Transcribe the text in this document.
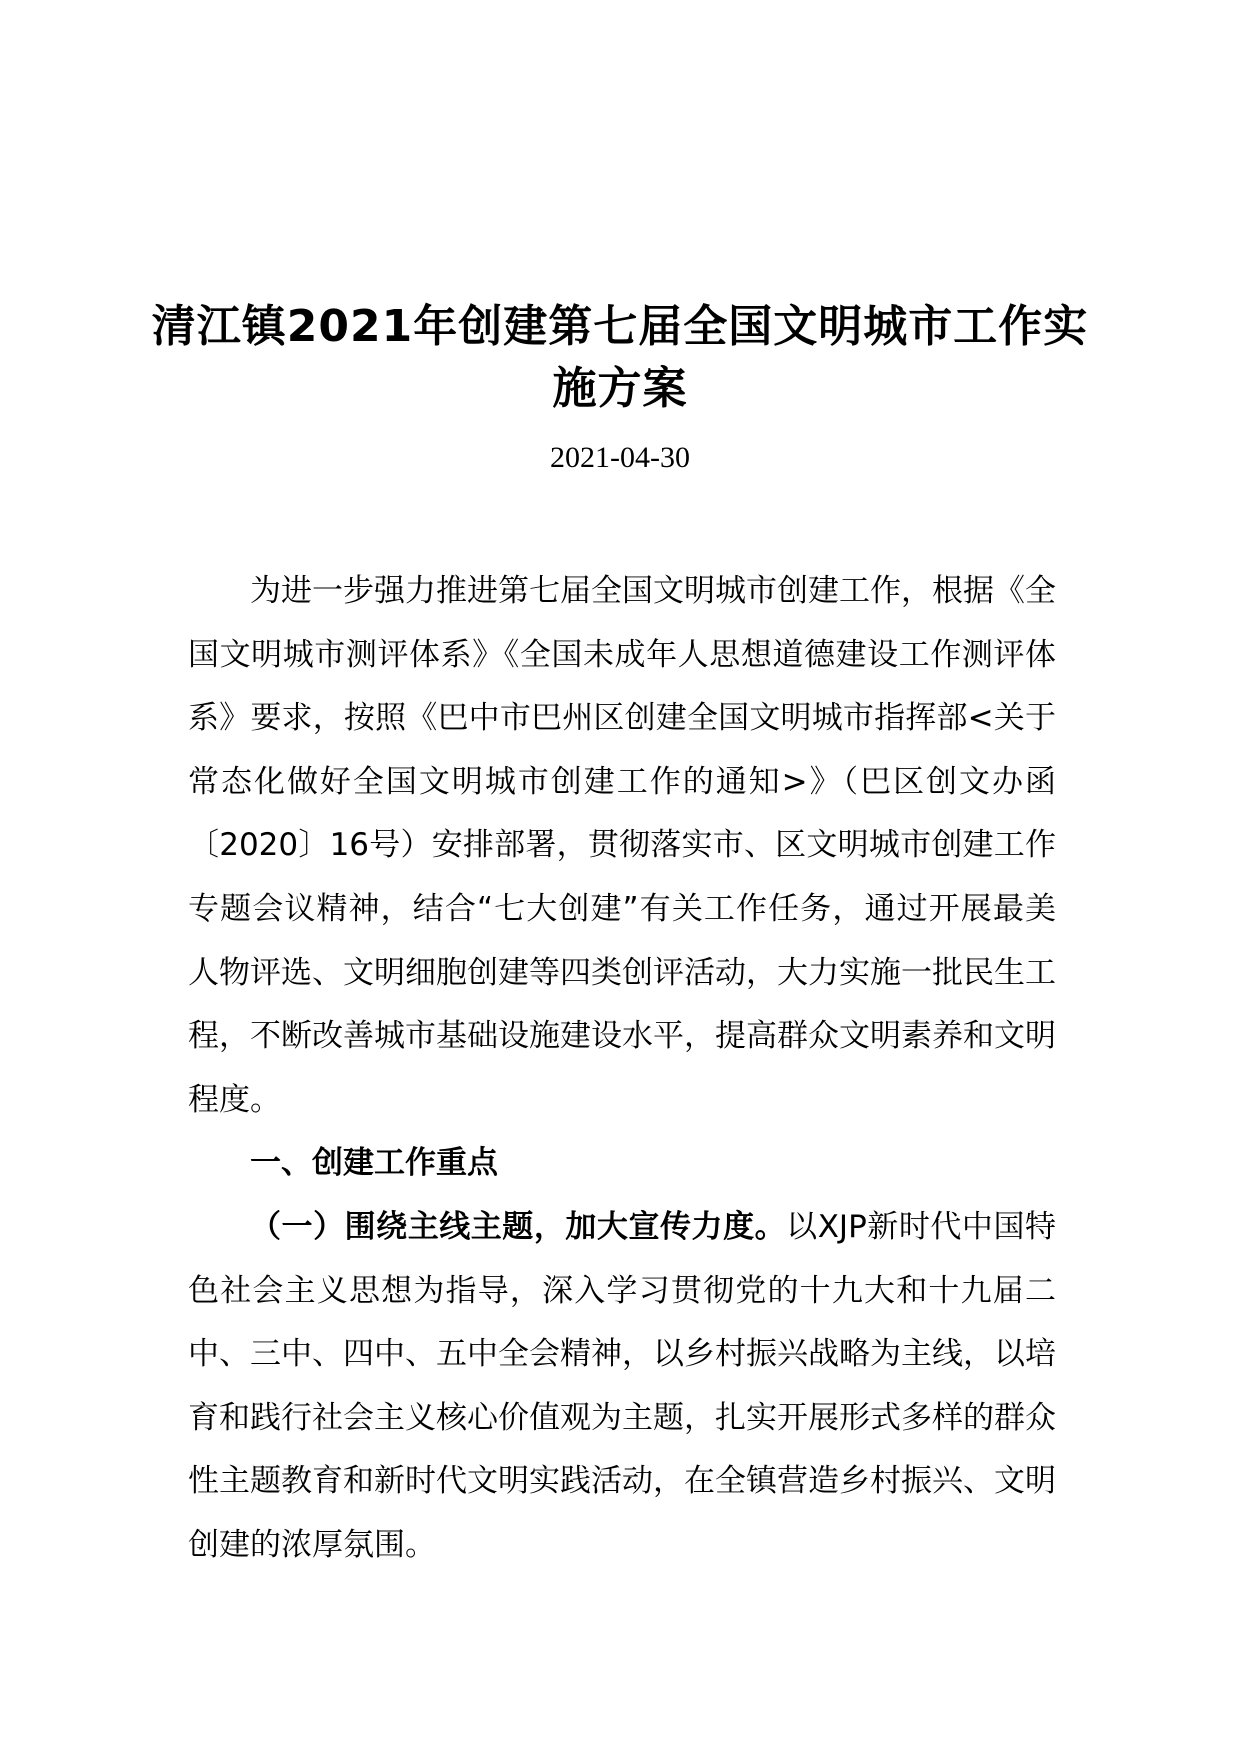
清江镇2021年创建第七届全国文明城市工作实施方案
2021-04-30

为进一步强力推进第七届全国文明城市创建工作，根据《全国文明城市测评体系》《全国未成年人思想道德建设工作测评体系》要求，按照《巴中市巴州区创建全国文明城市指挥部<关于常态化做好全国文明城市创建工作的通知>》（巴区创文办函〔2020〕16号）安排部署，贯彻落实市、区文明城市创建工作专题会议精神，结合“七大创建”有关工作任务，通过开展最美人物评选、文明细胞创建等四类创评活动，大力实施一批民生工程，不断改善城市基础设施建设水平，提高群众文明素养和文明程度。

一、创建工作重点

（一）围绕主线主题，加大宣传力度。以XJP新时代中国特色社会主义思想为指导，深入学习贯彻党的十九大和十九届二中、三中、四中、五中全会精神，以乡村振兴战略为主线，以培育和践行社会主义核心价值观为主题，扎实开展形式多样的群众性主题教育和新时代文明实践活动，在全镇营造乡村振兴、文明创建的浓厚氛围。
